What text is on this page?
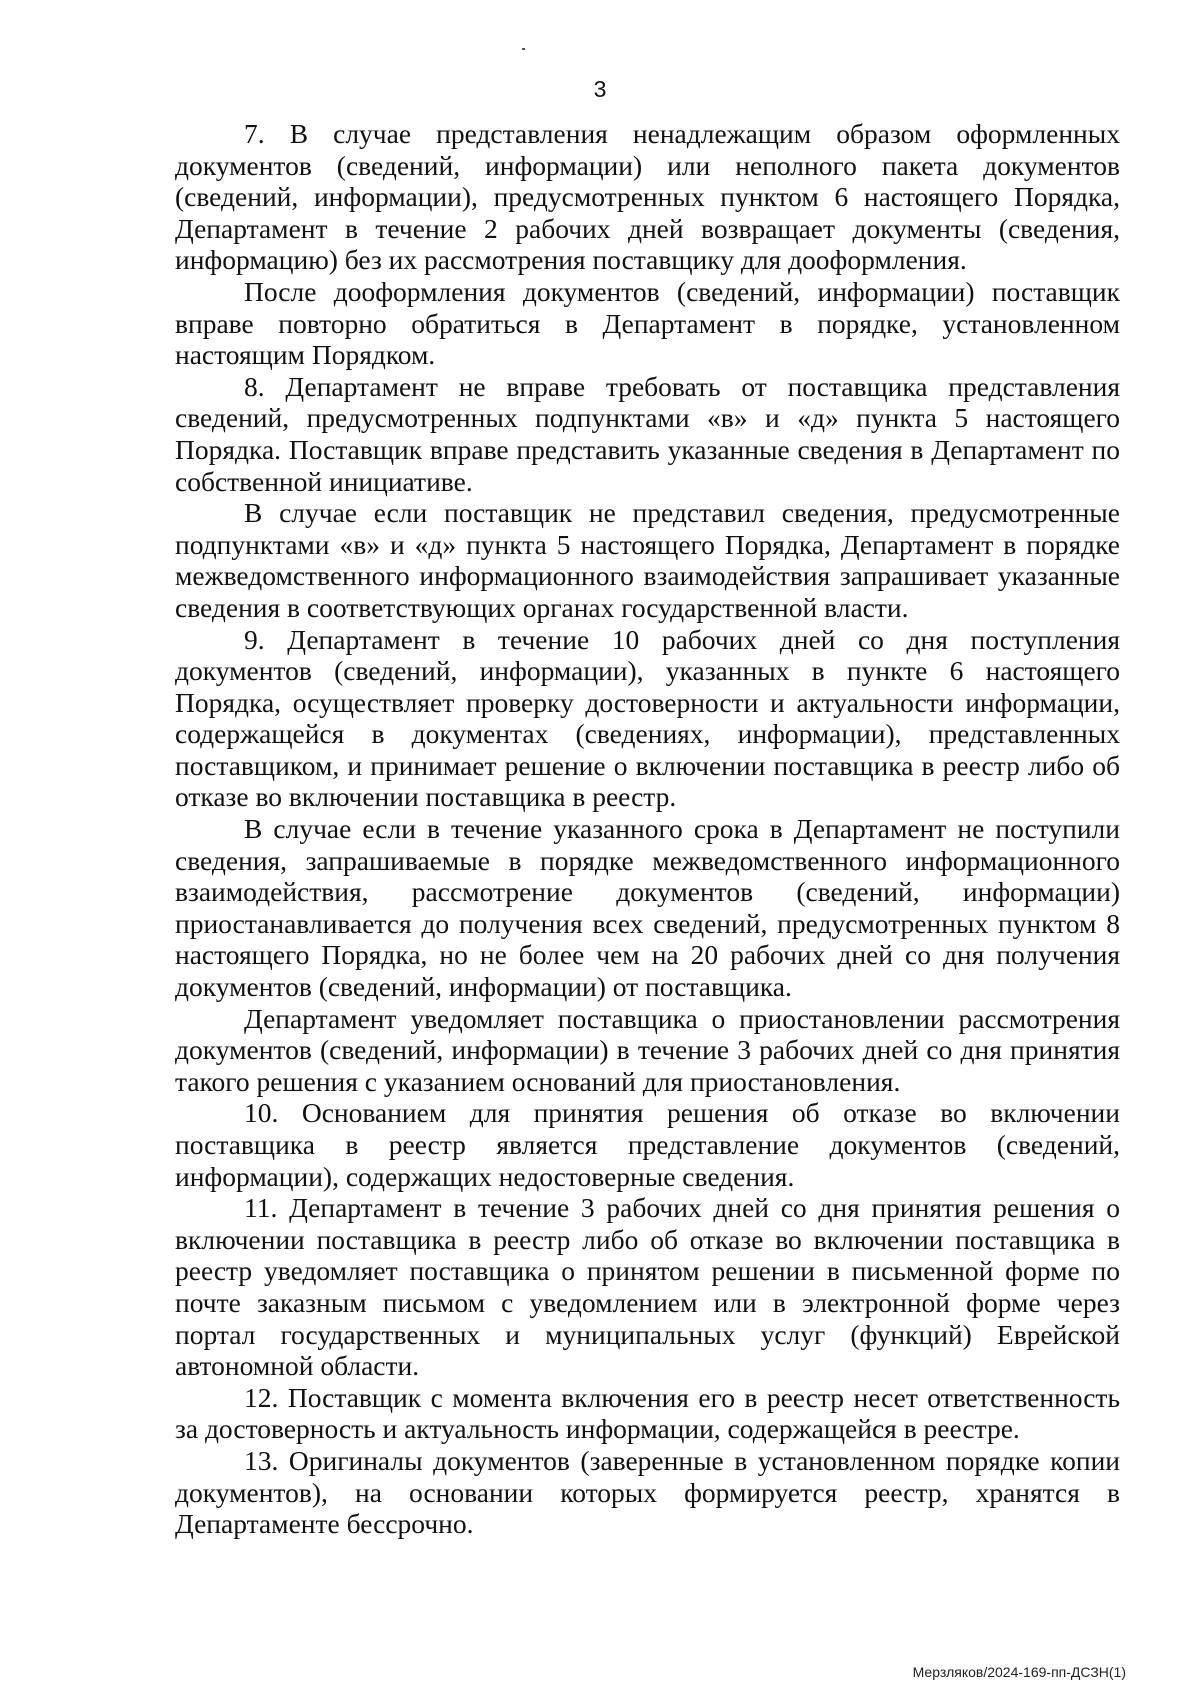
3

7. В случае представления ненадлежащим образом оформленных документов (сведений, информации) или неполного пакета документов (сведений, информации), предусмотренных пунктом 6 настоящего Порядка, Департамент в течение 2 рабочих дней возвращает документы (сведения, информацию) без их рассмотрения поставщику для дооформления.

После дооформления документов (сведений, информации) поставщик вправе повторно обратиться в Департамент в порядке, установленном настоящим Порядком.

8. Департамент не вправе требовать от поставщика представления сведений, предусмотренных подпунктами «в» и «д» пункта 5 настоящего Порядка. Поставщик вправе представить указанные сведения в Департамент по собственной инициативе.

В случае если поставщик не представил сведения, предусмотренные подпунктами «в» и «д» пункта 5 настоящего Порядка, Департамент в порядке межведомственного информационного взаимодействия запрашивает указанные сведения в соответствующих органах государственной власти.

9. Департамент в течение 10 рабочих дней со дня поступления документов (сведений, информации), указанных в пункте 6 настоящего Порядка, осуществляет проверку достоверности и актуальности информации, содержащейся в документах (сведениях, информации), представленных поставщиком, и принимает решение о включении поставщика в реестр либо об отказе во включении поставщика в реестр.

В случае если в течение указанного срока в Департамент не поступили сведения, запрашиваемые в порядке межведомственного информационного взаимодействия, рассмотрение документов (сведений, информации) приостанавливается до получения всех сведений, предусмотренных пунктом 8 настоящего Порядка, но не более чем на 20 рабочих дней со дня получения документов (сведений, информации) от поставщика.

Департамент уведомляет поставщика о приостановлении рассмотрения документов (сведений, информации) в течение 3 рабочих дней со дня принятия такого решения с указанием оснований для приостановления.

10. Основанием для принятия решения об отказе во включении поставщика в реестр является представление документов (сведений, информации), содержащих недостоверные сведения.

11. Департамент в течение 3 рабочих дней со дня принятия решения о включении поставщика в реестр либо об отказе во включении поставщика в реестр уведомляет поставщика о принятом решении в письменной форме по почте заказным письмом с уведомлением или в электронной форме через портал государственных и муниципальных услуг (функций) Еврейской автономной области.

12. Поставщик с момента включения его в реестр несет ответственность за достоверность и актуальность информации, содержащейся в реестре.

13. Оригиналы документов (заверенные в установленном порядке копии документов), на основании которых формируется реестр, хранятся в Департаменте бессрочно.

Мерзляков/2024-169-пп-ДСЗН(1)
